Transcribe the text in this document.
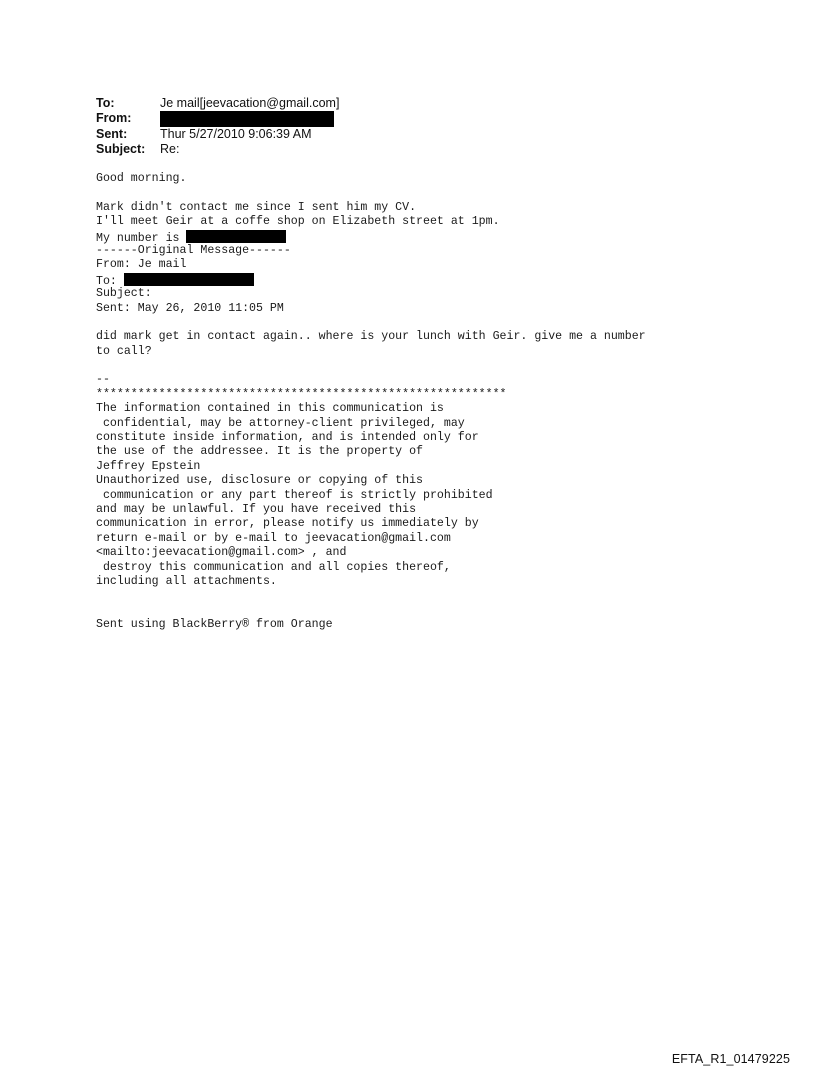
To:	Je mail[jeevacation@gmail.com]
From:
Sent:	Thur 5/27/2010 9:06:39 AM
Subject:	Re:
Good morning.
Mark didn't contact me since I sent him my CV.
I'll meet Geir at a coffe shop on Elizabeth street at 1pm.
My number is
------Original Message------
From: Je mail
To:
Subject:
Sent: May 26, 2010 11:05 PM
did mark get in contact again.. where is your lunch with Geir. give me a number
to call?
--
***********************************************************
The information contained in this communication is
confidential, may be attorney-client privileged, may
constitute inside information, and is intended only for
the use of the addressee. It is the property of
Jeffrey Epstein
Unauthorized use, disclosure or copying of this
communication or any part thereof is strictly prohibited
and may be unlawful. If you have received this
communication in error, please notify us immediately by
return e-mail or by e-mail to jeevacation@gmail.com
<mailto:jeevacation@gmail.com> , and
destroy this communication and all copies thereof,
including all attachments.
Sent using BlackBerry® from Orange
EFTA_R1_01479225
